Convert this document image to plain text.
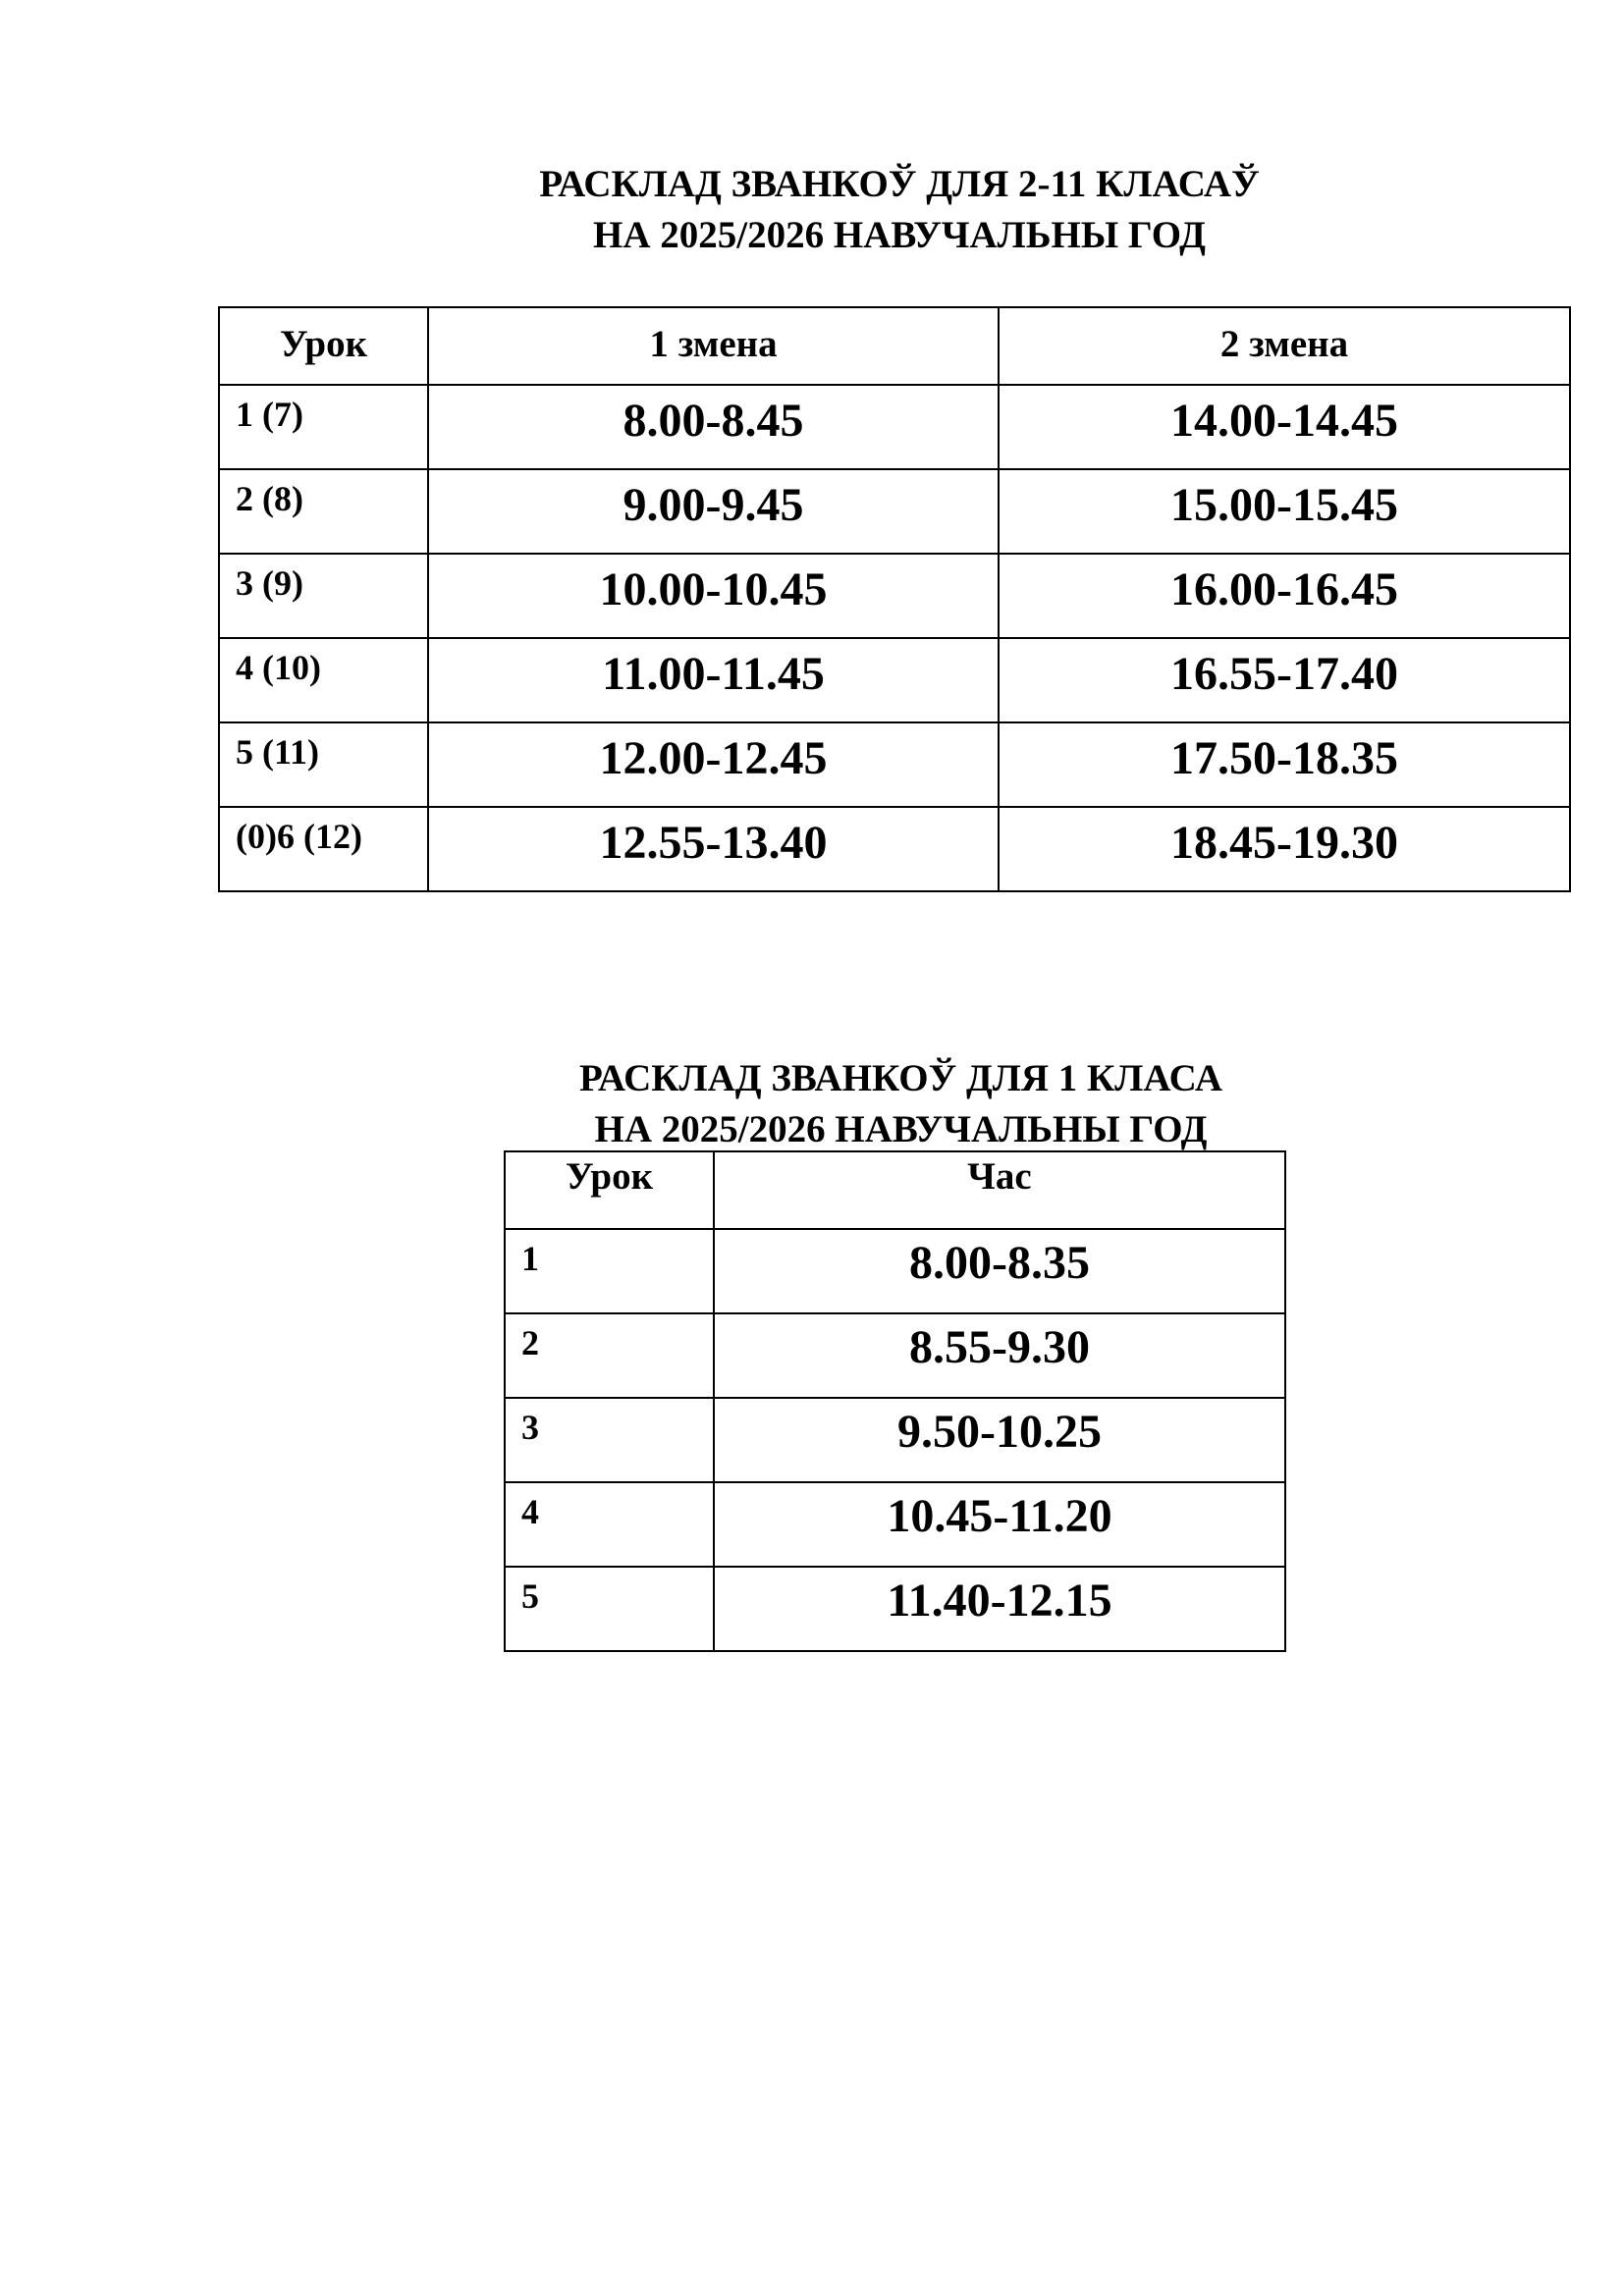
РАСКЛАД ЗВАНКОЎ ДЛЯ 2-11 КЛАСАЎ
НА 2025/2026 НАВУЧАЛЬНЫ ГОД
Урок	1 змена	2 змена
1 (7)	8.00-8.45	14.00-14.45
2 (8)	9.00-9.45	15.00-15.45
3 (9)	10.00-10.45	16.00-16.45
4 (10)	11.00-11.45	16.55-17.40
5 (11)	12.00-12.45	17.50-18.35
(0)6 (12)	12.55-13.40	18.45-19.30
РАСКЛАД ЗВАНКОЎ ДЛЯ 1 КЛАСА
НА 2025/2026 НАВУЧАЛЬНЫ ГОД
Урок	Час
1	8.00-8.35
2	8.55-9.30
3	9.50-10.25
4	10.45-11.20
5	11.40-12.15
